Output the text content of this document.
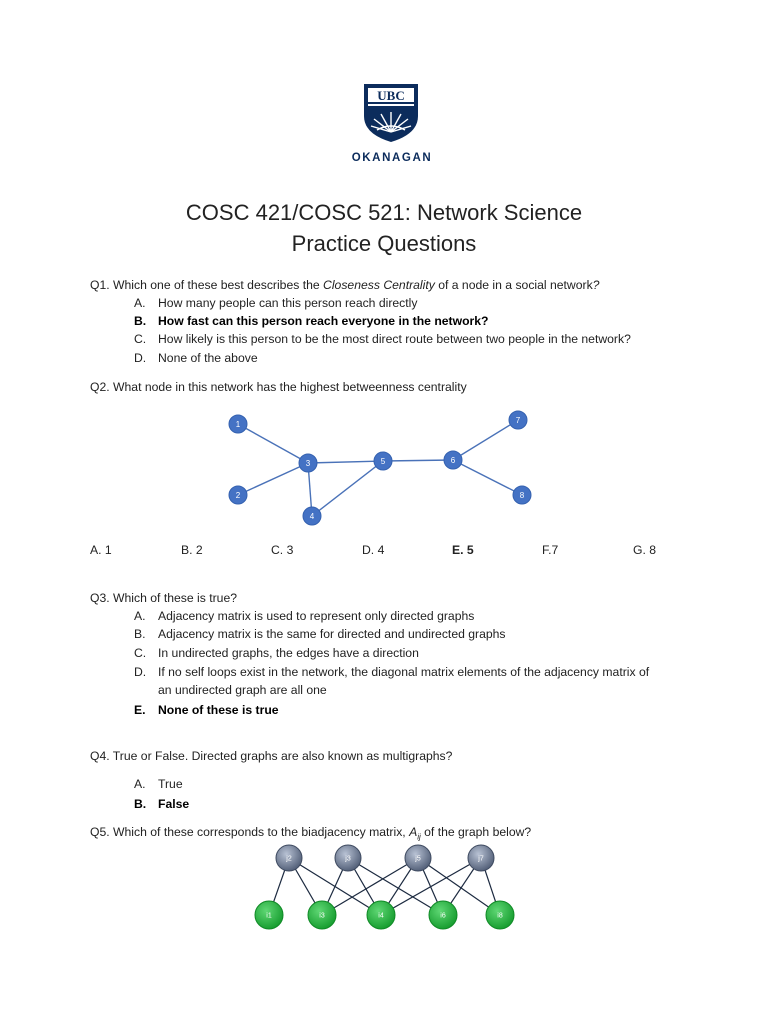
UBC
OKANAGAN
COSC 421/COSC 521: Network Science
Practice Questions
Q1. Which one of these best describes the Closeness Centrality of a node in a social network?
A. How many people can this person reach directly
B. How fast can this person reach everyone in the network?
C. How likely is this person to be the most direct route between two people in the network?
D. None of the above
Q2. What node in this network has the highest betweenness centrality
1
2
3
4
5	6
7
8
A. 1	B. 2	C. 3	D. 4	E. 5	F.7	G. 8
Q3. Which of these is true?
A. Adjacency matrix is used to represent only directed graphs
B. Adjacency matrix is the same for directed and undirected graphs
C. In undirected graphs, the edges have a direction
D. If no self loops exist in the network, the diagonal matrix elements of the adjacency matrix of
an undirected graph are all one
E. None of these is true
Q4. True or False. Directed graphs are also known as multigraphs?
A. True
B. False
Q5. Which of these corresponds to the biadjacency matrix, $A_{ij}$ of the graph below?
j2	j3	j5	j7
i1	i3	i4	i6	i8
